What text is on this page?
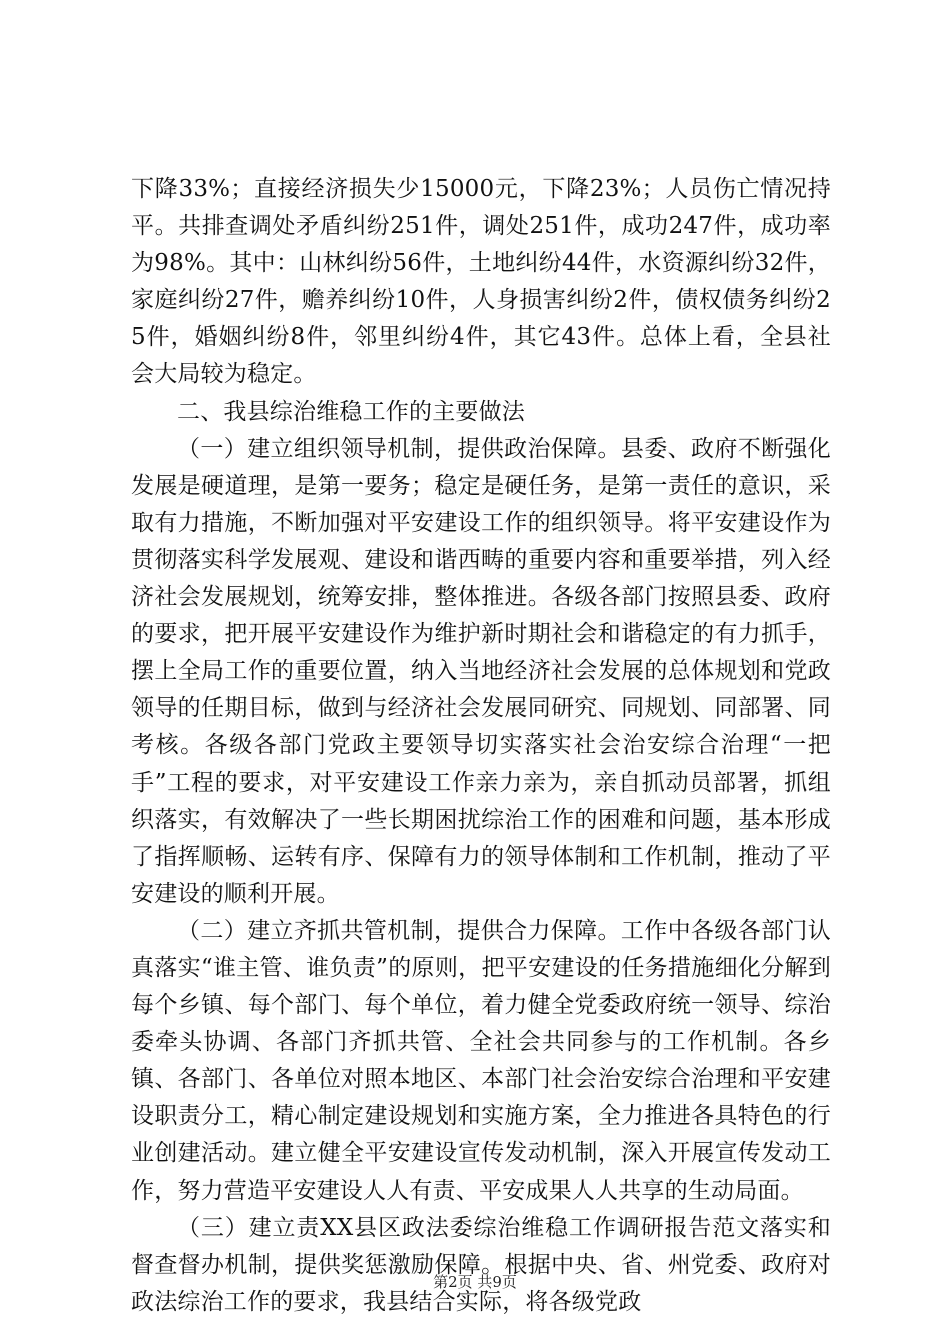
下降33%；直接经济损失少15000元，下降23%；人员伤亡情况持平。共排查调处矛盾纠纷251件，调处251件，成功247件，成功率为98%。其中：山林纠纷56件，土地纠纷44件，水资源纠纷32件，家庭纠纷27件，赡养纠纷10件，人身损害纠纷2件，债权债务纠纷25件，婚姻纠纷8件，邻里纠纷4件，其它43件。总体上看，全县社会大局较为稳定。

二、我县综治维稳工作的主要做法

（一）建立组织领导机制，提供政治保障。县委、政府不断强化发展是硬道理，是第一要务；稳定是硬任务，是第一责任的意识，采取有力措施，不断加强对平安建设工作的组织领导。将平安建设作为贯彻落实科学发展观、建设和谐西畴的重要内容和重要举措，列入经济社会发展规划，统筹安排，整体推进。各级各部门按照县委、政府的要求，把开展平安建设作为维护新时期社会和谐稳定的有力抓手，摆上全局工作的重要位置，纳入当地经济社会发展的总体规划和党政领导的任期目标，做到与经济社会发展同研究、同规划、同部署、同考核。各级各部门党政主要领导切实落实社会治安综合治理“一把手”工程的要求，对平安建设工作亲力亲为，亲自抓动员部署，抓组织落实，有效解决了一些长期困扰综治工作的困难和问题，基本形成了指挥顺畅、运转有序、保障有力的领导体制和工作机制，推动了平安建设的顺利开展。

（二）建立齐抓共管机制，提供合力保障。工作中各级各部门认真落实“谁主管、谁负责”的原则，把平安建设的任务措施细化分解到每个乡镇、每个部门、每个单位，着力健全党委政府统一领导、综治委牵头协调、各部门齐抓共管、全社会共同参与的工作机制。各乡镇、各部门、各单位对照本地区、本部门社会治安综合治理和平安建设职责分工，精心制定建设规划和实施方案，全力推进各具特色的行业创建活动。建立健全平安建设宣传发动机制，深入开展宣传发动工作，努力营造平安建设人人有责、平安成果人人共享的生动局面。

（三）建立责XX县区政法委综治维稳工作调研报告范文落实和督查督办机制，提供奖惩激励保障。根据中央、省、州党委、政府对政法综治工作的要求，我县结合实际，将各级党政

第2页 共9页
